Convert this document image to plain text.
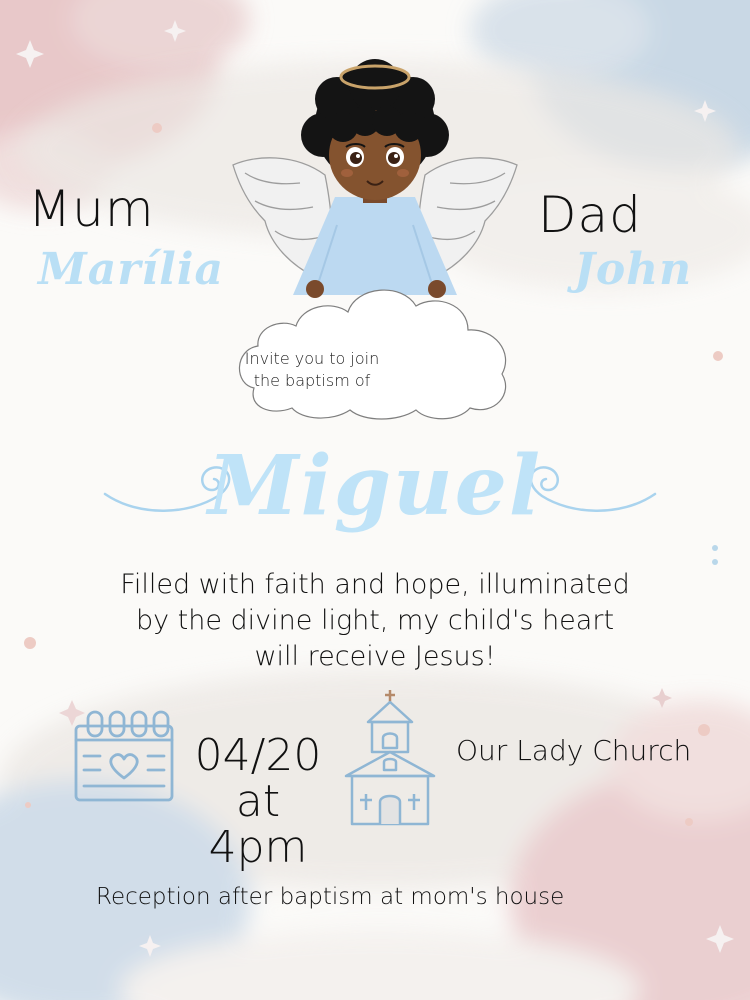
Invite you to join
the baptism of
Mum
Marília
Dad
John
Miguel
Filled with faith and hope, illuminated
by the divine light, my child's heart
will receive Jesus!
04/20
at 4pm
Our Lady Church
Reception after baptism at mom's house
